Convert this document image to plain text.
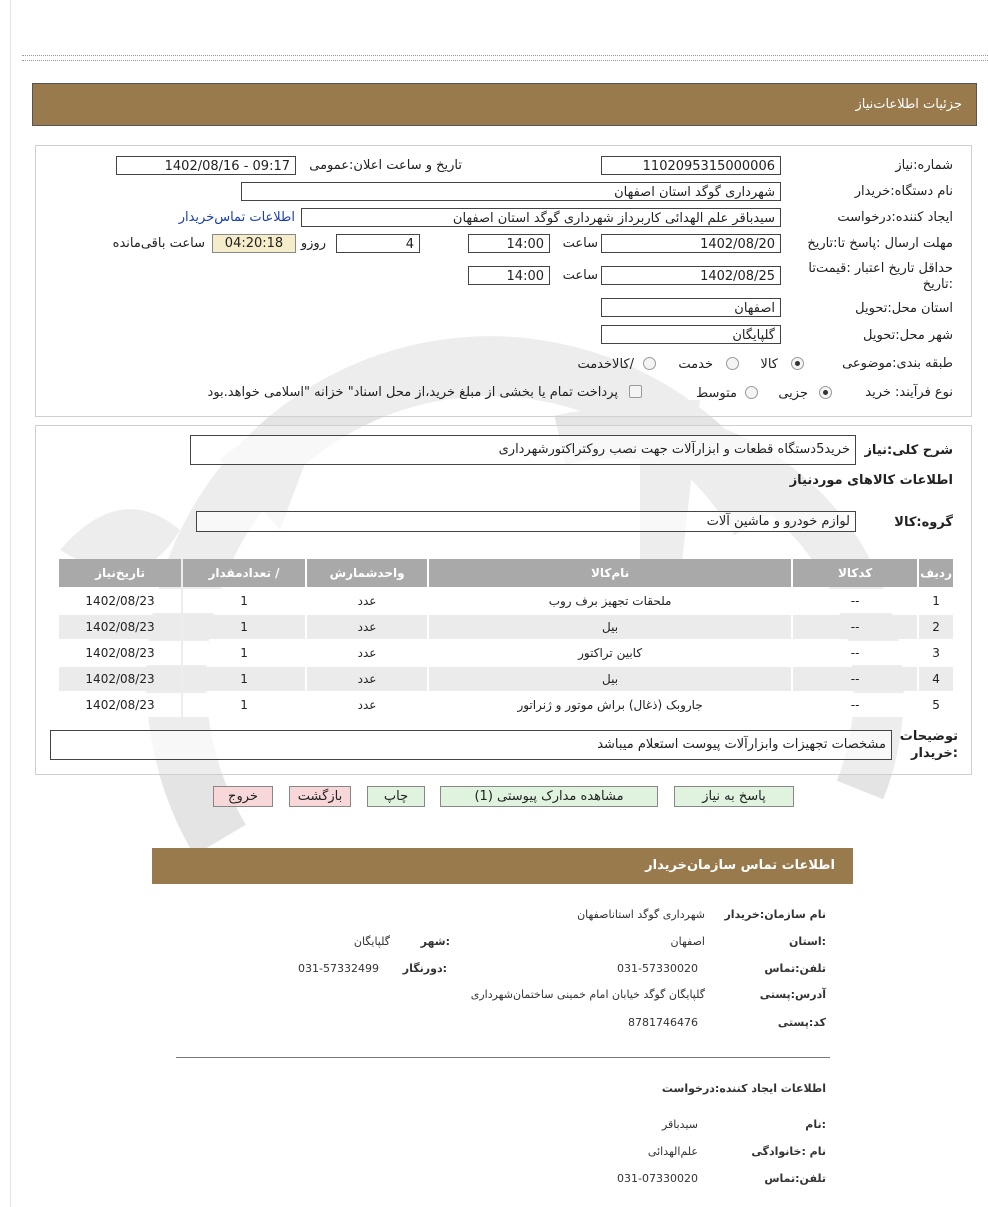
جزئیات اطلاعات‌نیاز
شماره:نیاز
1102095315000006
تاریخ و ساعت اعلان:عمومی
1402/08/16 - 09:17
نام دستگاه:خریدار
شهرداری گوگد استان اصفهان
ایجاد کننده:درخواست
سیدباقر علم الهدائی کاربرداز شهرداری گوگد استان اصفهان
اطلاعات تماس‌خریدار
مهلت ارسال :پاسخ تا:تاریخ
1402/08/20
ساعت
14:00
4
روزو
04:20:18
ساعت باقی‌مانده
حداقل تاریخ اعتبار :قیمت‌تا
:تاریخ
1402/08/25
ساعت
14:00
استان محل:تحویل
اصفهان
شهر محل:تحویل
گلپایگان
طبقه بندی:موضوعی
کالا
خدمت
/کالاخدمت
نوع فرآیند: خرید
جزیی
متوسط
پرداخت تمام یا بخشی از مبلغ خرید،از محل اسناد" خزانه "اسلامی خواهد.بود
شرح کلی:نیاز
خرید5دستگاه قطعات و ابزارآلات جهت نصب روکتراکتورشهرداری
اطلاعات کالاهای مورد‌نیاز
گروه:کالا
لوازم خودرو و ماشین آلات
ردیف	کدکالا	نام‌کالا	واحدشمارش	/ تعدادمقدار	تاریخ‌نیاز
1	--	ملحقات تجهیز برف روب	عدد	1	1402/08/23
2	--	بیل	عدد	1	1402/08/23
3	--	کابین تراکتور	عدد	1	1402/08/23
4	--	بیل	عدد	1	1402/08/23
5	--	جاروبک (ذغال) براش موتور و ژنراتور	عدد	1	1402/08/23
توضیحات
:خریدار
مشخصات تجهیزات وابزارآلات پیوست استعلام میباشد
پاسخ به نیاز
مشاهده مدارک پیوستی (1)
چاپ
بازگشت
خروج
اطلاعات تماس سازمان‌خریدار
نام سازمان:خریدار
شهرداری گوگد استاناصفهان
:استان
اصفهان
:شهر
گلپایگان
تلفن:تماس
031-57330020
:دورنگار
031-57332499
آدرس:پستی
گلپایگان گوگد خیابان امام خمینی ساختمان‌شهرداری
کد:پستی
8781746476
اطلاعات ایجاد کننده:درخواست
:نام
سیدباقر
نام :خانوادگی
علم‌الهدائی
تلفن:تماس
031-07330020
